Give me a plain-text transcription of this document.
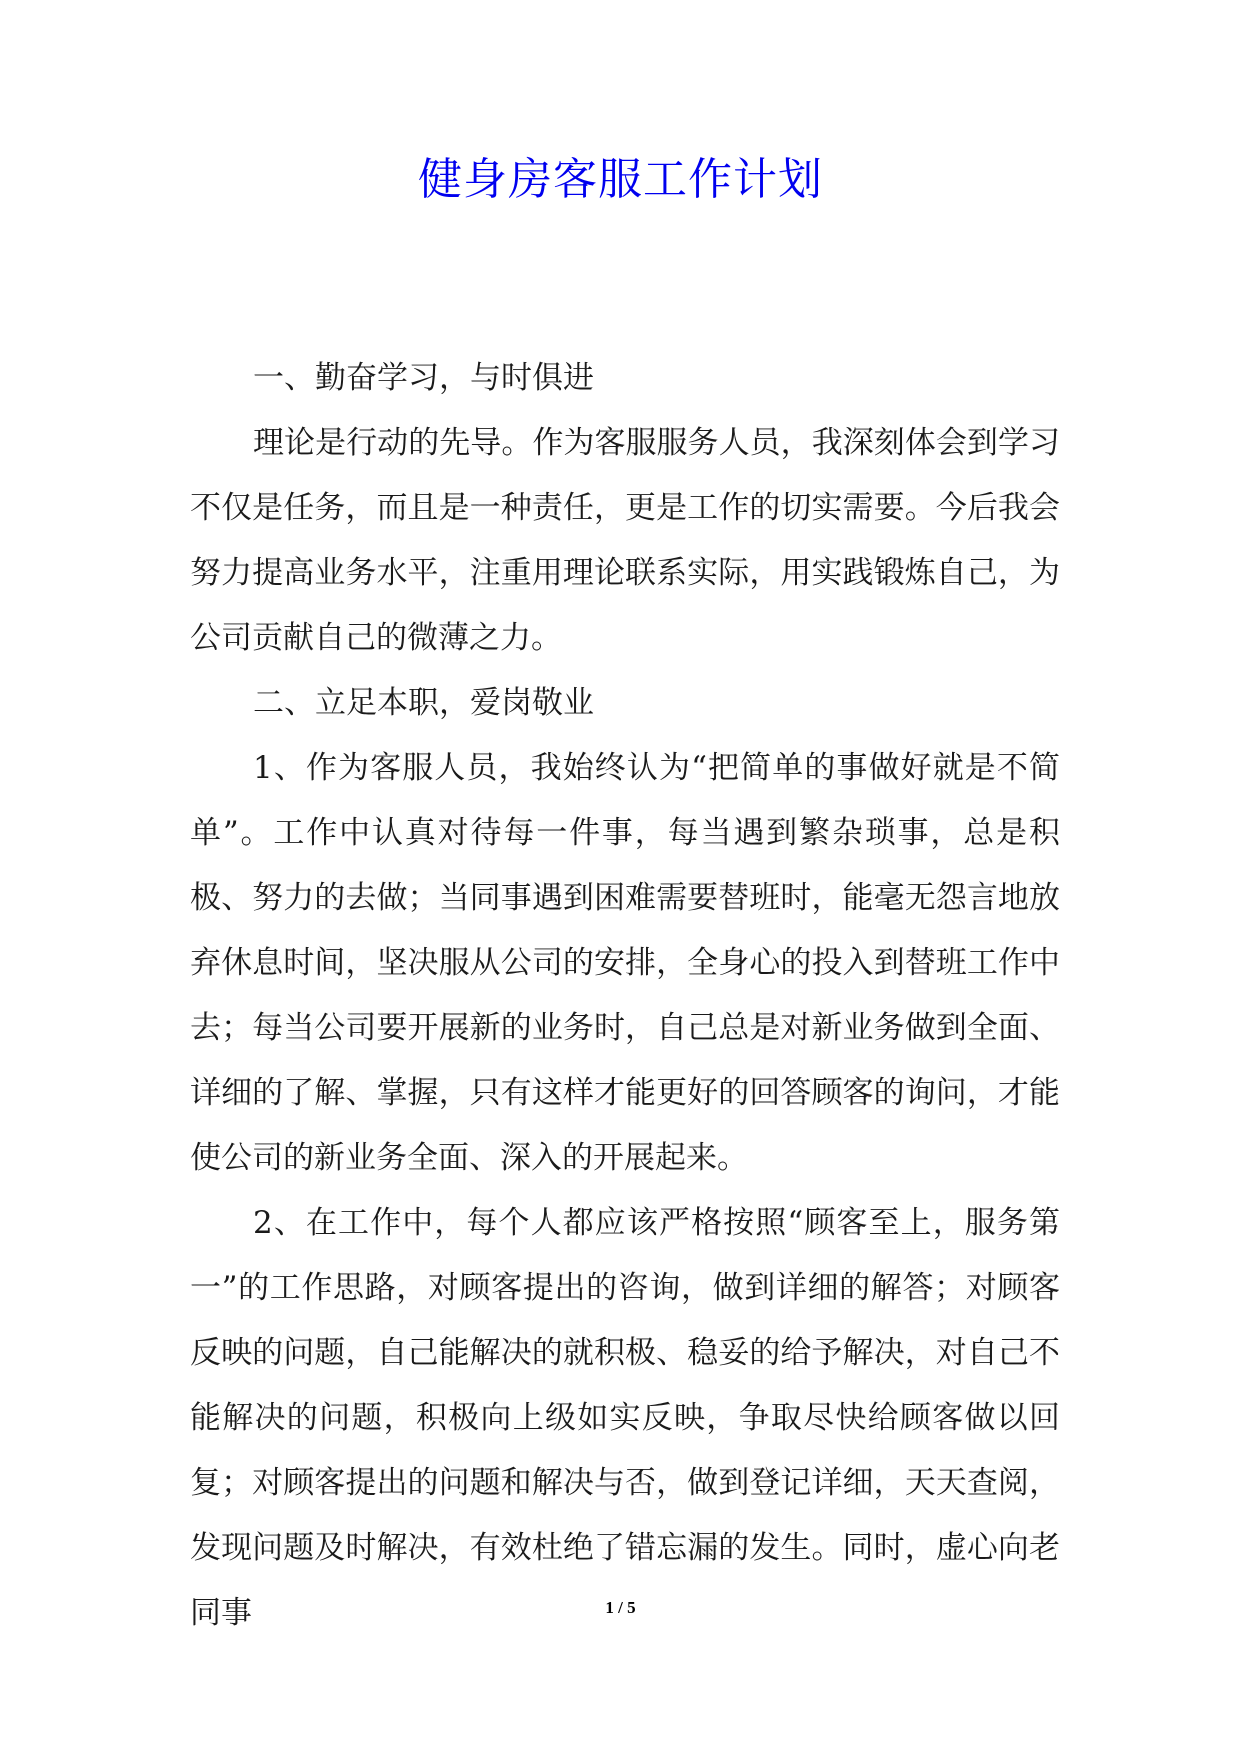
健身房客服工作计划

一、勤奋学习，与时俱进

理论是行动的先导。作为客服服务人员，我深刻体会到学习不仅是任务，而且是一种责任，更是工作的切实需要。今后我会努力提高业务水平，注重用理论联系实际，用实践锻炼自己，为公司贡献自己的微薄之力。

二、立足本职，爱岗敬业

1、作为客服人员，我始终认为“把简单的事做好就是不简单”。工作中认真对待每一件事，每当遇到繁杂琐事，总是积极、努力的去做；当同事遇到困难需要替班时，能毫无怨言地放弃休息时间，坚决服从公司的安排，全身心的投入到替班工作中去；每当公司要开展新的业务时，自己总是对新业务做到全面、详细的了解、掌握，只有这样才能更好的回答顾客的询问，才能使公司的新业务全面、深入的开展起来。

2、在工作中，每个人都应该严格按照“顾客至上，服务第一”的工作思路，对顾客提出的咨询，做到详细的解答；对顾客反映的问题，自己能解决的就积极、稳妥的给予解决，对自己不能解决的问题，积极向上级如实反映，争取尽快给顾客做以回复；对顾客提出的问题和解决与否，做到登记详细，天天查阅，发现问题及时解决，有效杜绝了错忘漏的发生。同时，虚心向老同事	1 / 5
